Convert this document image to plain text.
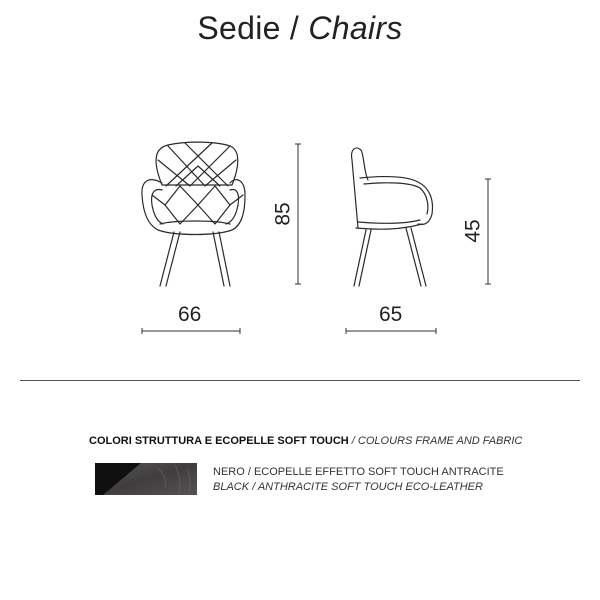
Sedie / Chairs
66	65
85
45
COLORI STRUTTURA E ECOPELLE SOFT TOUCH / COLOURS FRAME AND FABRIC
NERO / ECOPELLE EFFETTO SOFT TOUCH ANTRACITE
BLACK / ANTHRACITE SOFT TOUCH ECO-LEATHER
